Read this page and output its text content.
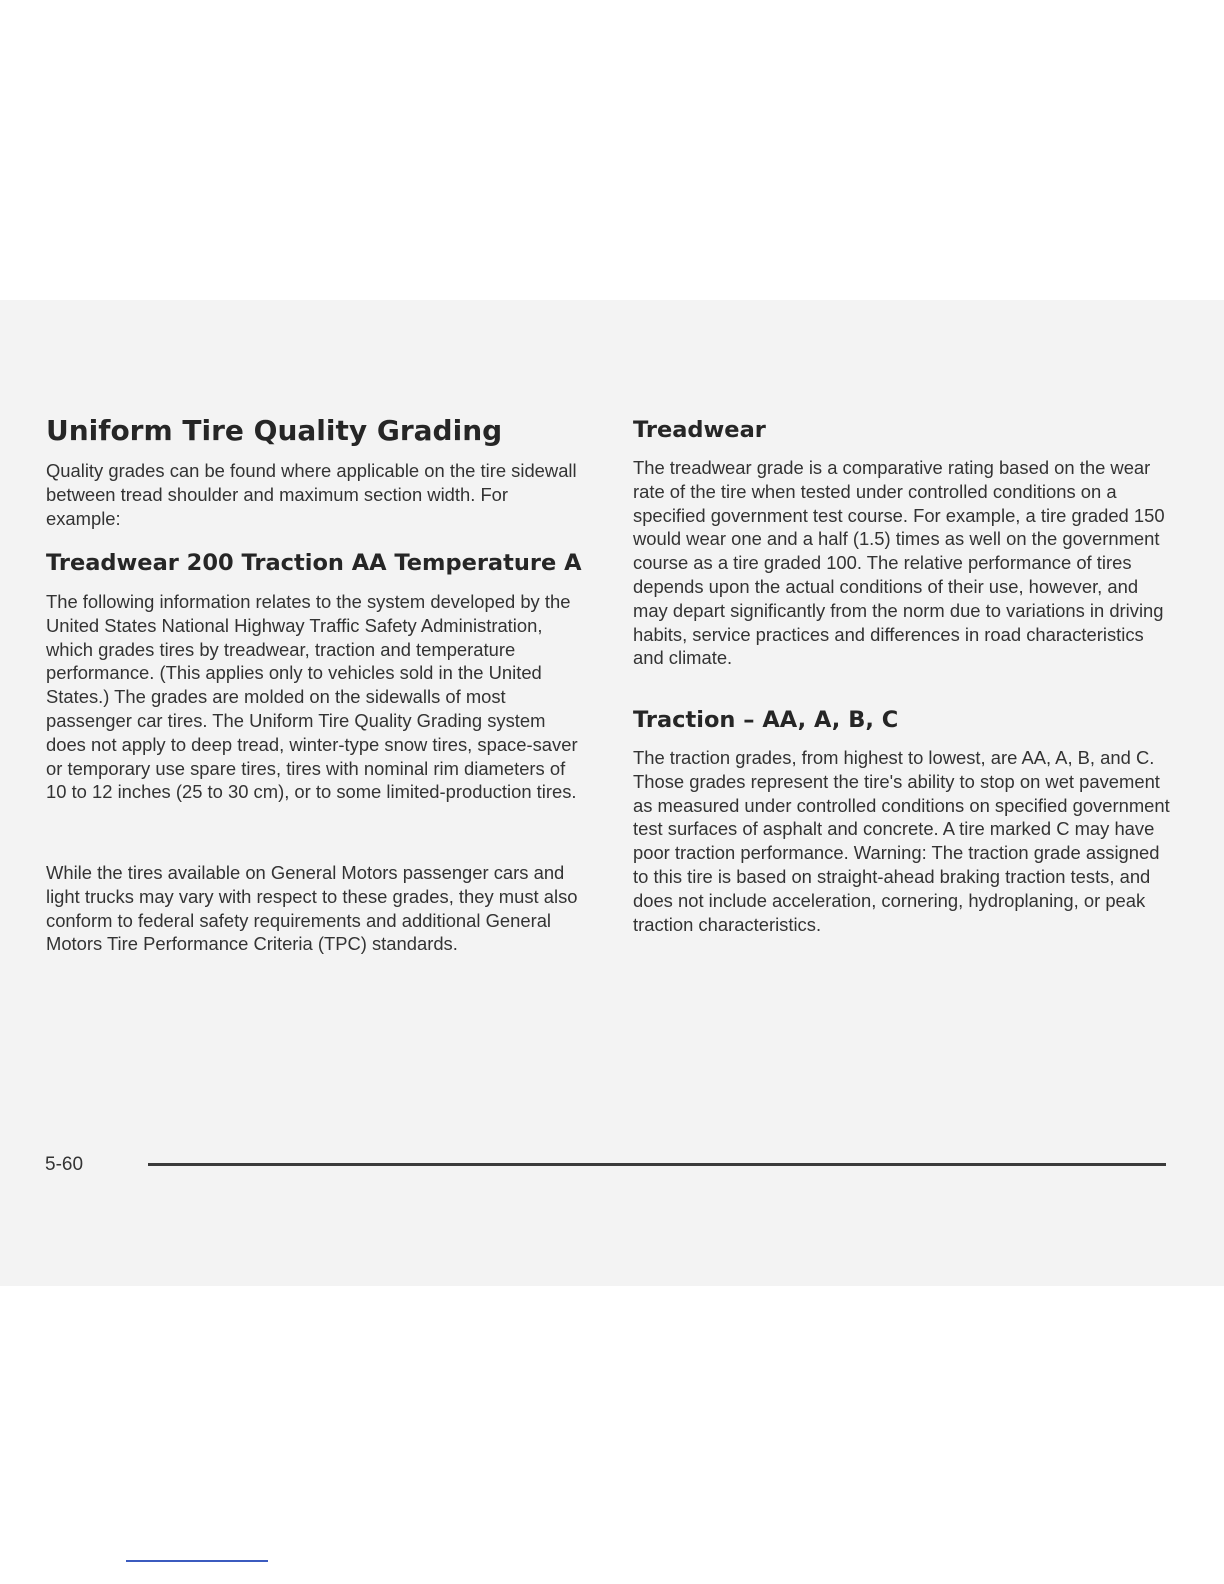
Uniform Tire Quality Grading

Quality grades can be found where applicable on the tire sidewall between tread shoulder and maximum section width. For example:

Treadwear 200 Traction AA Temperature A

The following information relates to the system developed by the United States National Highway Traffic Safety Administration, which grades tires by treadwear, traction and temperature performance. (This applies only to vehicles sold in the United States.) The grades are molded on the sidewalls of most passenger car tires. The Uniform Tire Quality Grading system does not apply to deep tread, winter-type snow tires, space-saver or temporary use spare tires, tires with nominal rim diameters of 10 to 12 inches (25 to 30 cm), or to some limited-production tires.

While the tires available on General Motors passenger cars and light trucks may vary with respect to these grades, they must also conform to federal safety requirements and additional General Motors Tire Performance Criteria (TPC) standards.

Treadwear

The treadwear grade is a comparative rating based on the wear rate of the tire when tested under controlled conditions on a specified government test course. For example, a tire graded 150 would wear one and a half (1.5) times as well on the government course as a tire graded 100. The relative performance of tires depends upon the actual conditions of their use, however, and may depart significantly from the norm due to variations in driving habits, service practices and differences in road characteristics and climate.

Traction – AA, A, B, C

The traction grades, from highest to lowest, are AA, A, B, and C. Those grades represent the tire's ability to stop on wet pavement as measured under controlled conditions on specified government test surfaces of asphalt and concrete. A tire marked C may have poor traction performance. Warning: The traction grade assigned to this tire is based on straight-ahead braking traction tests, and does not include acceleration, cornering, hydroplaning, or peak traction characteristics.

5-60
